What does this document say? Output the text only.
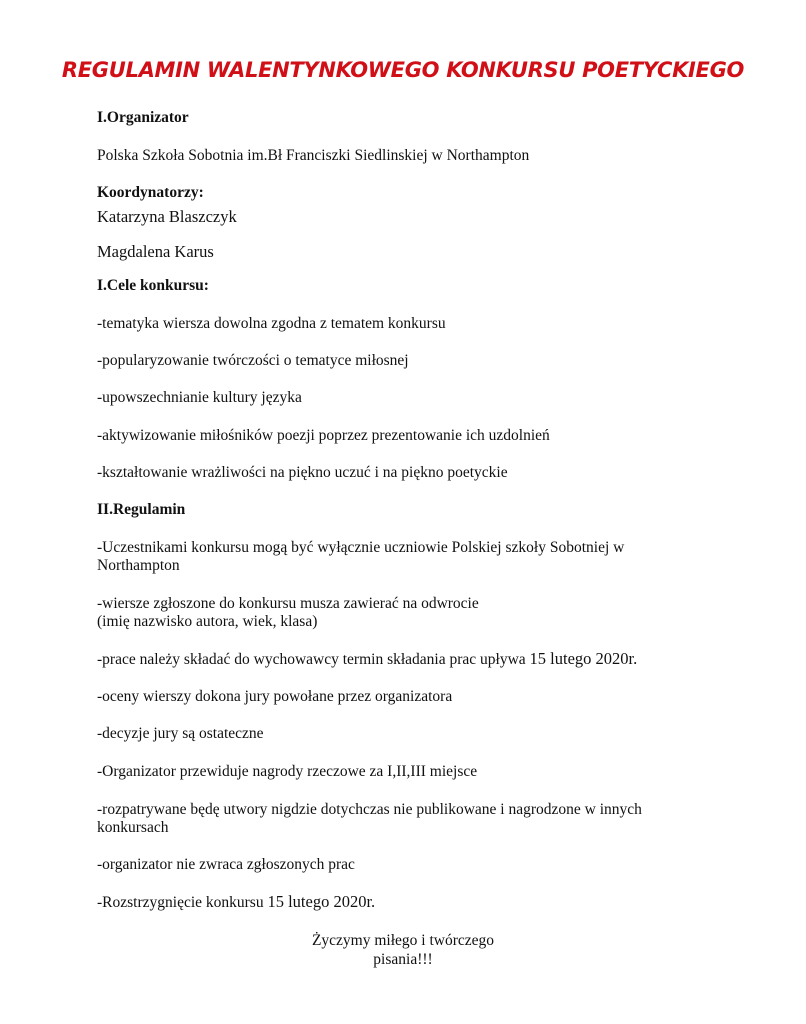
REGULAMIN WALENTYNKOWEGO KONKURSU POETYCKIEGO
I.Organizator
Polska Szkoła Sobotnia im.Bł Franciszki Siedlinskiej w Northampton
Koordynatorzy:
Katarzyna Blaszczyk
Magdalena Karus
I.Cele konkursu:
-tematyka wiersza dowolna zgodna z tematem konkursu
-popularyzowanie twórczości o tematyce miłosnej
-upowszechnianie kultury języka
-aktywizowanie miłośników poezji poprzez prezentowanie ich uzdolnień
-kształtowanie wrażliwości na piękno uczuć i na piękno poetyckie
II.Regulamin
-Uczestnikami konkursu mogą być wyłącznie uczniowie Polskiej szkoły Sobotniej w
Northampton
-wiersze zgłoszone do konkursu musza zawierać na odwrocie
(imię nazwisko autora, wiek, klasa)
-prace należy składać do wychowawcy termin składania prac upływa 15 lutego 2020r.
-oceny wierszy dokona jury powołane przez organizatora
-decyzje jury są ostateczne
-Organizator przewiduje nagrody rzeczowe za I,II,III miejsce
-rozpatrywane będę utwory nigdzie dotychczas nie publikowane i nagrodzone w innych
konkursach
-organizator nie zwraca zgłoszonych prac
-Rozstrzygnięcie konkursu 15 lutego 2020r.
Życzymy miłego i twórczego
pisania!!!
